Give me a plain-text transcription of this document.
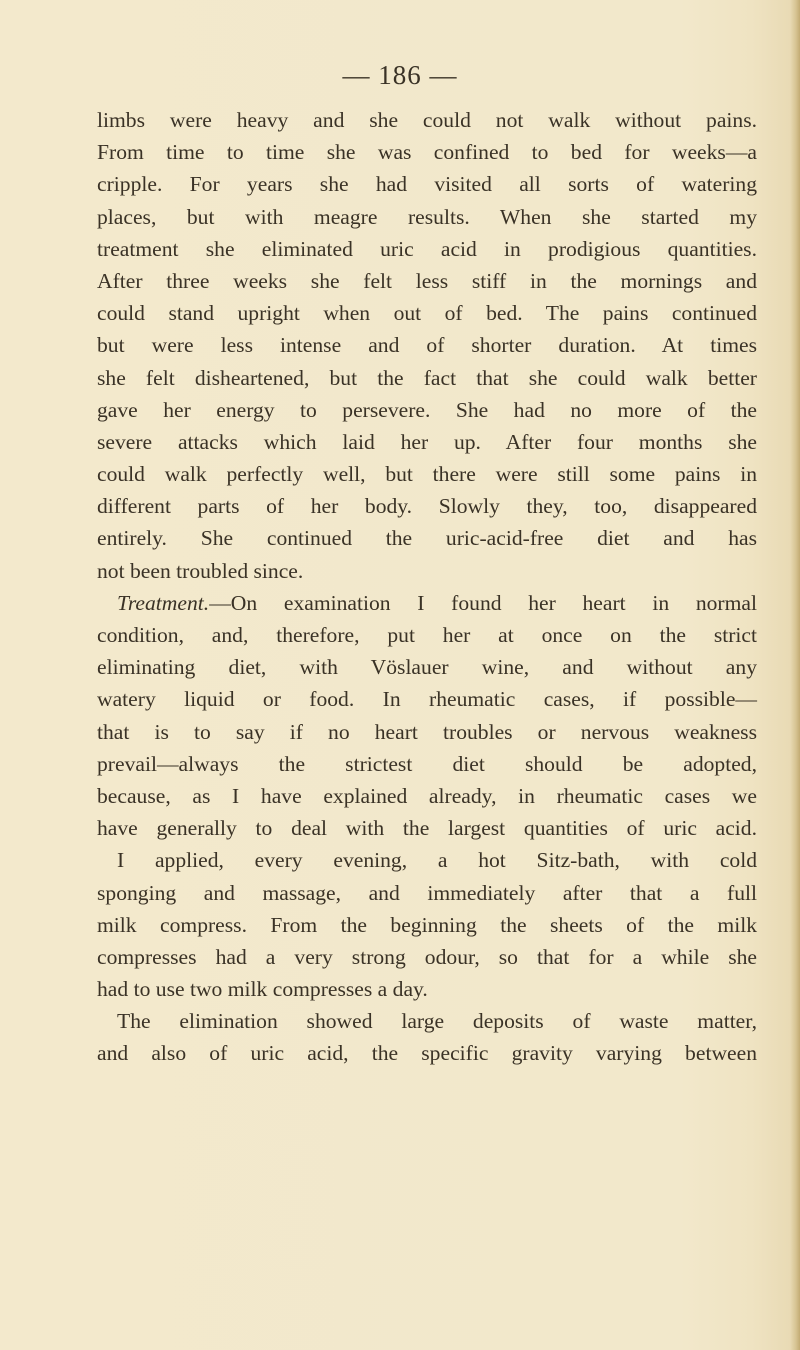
— 186 —

limbs were heavy and she could not walk without pains.
From time to time she was confined to bed for weeks—a
cripple. For years she had visited all sorts of watering
places, but with meagre results. When she started my
treatment she eliminated uric acid in prodigious quantities.
After three weeks she felt less stiff in the mornings and
could stand upright when out of bed. The pains continued
but were less intense and of shorter duration. At times
she felt disheartened, but the fact that she could walk better
gave her energy to persevere. She had no more of the
severe attacks which laid her up. After four months she
could walk perfectly well, but there were still some pains in
different parts of her body. Slowly they, too, disappeared
entirely. She continued the uric-acid-free diet and has
not been troubled since.
Treatment.—On examination I found her heart in normal
condition, and, therefore, put her at once on the strict
eliminating diet, with Vöslauer wine, and without any
watery liquid or food. In rheumatic cases, if possible—
that is to say if no heart troubles or nervous weakness
prevail—always the strictest diet should be adopted,
because, as I have explained already, in rheumatic cases we
have generally to deal with the largest quantities of uric acid.
I applied, every evening, a hot Sitz-bath, with cold
sponging and massage, and immediately after that a full
milk compress. From the beginning the sheets of the milk
compresses had a very strong odour, so that for a while she
had to use two milk compresses a day.
The elimination showed large deposits of waste matter,
and also of uric acid, the specific gravity varying between
